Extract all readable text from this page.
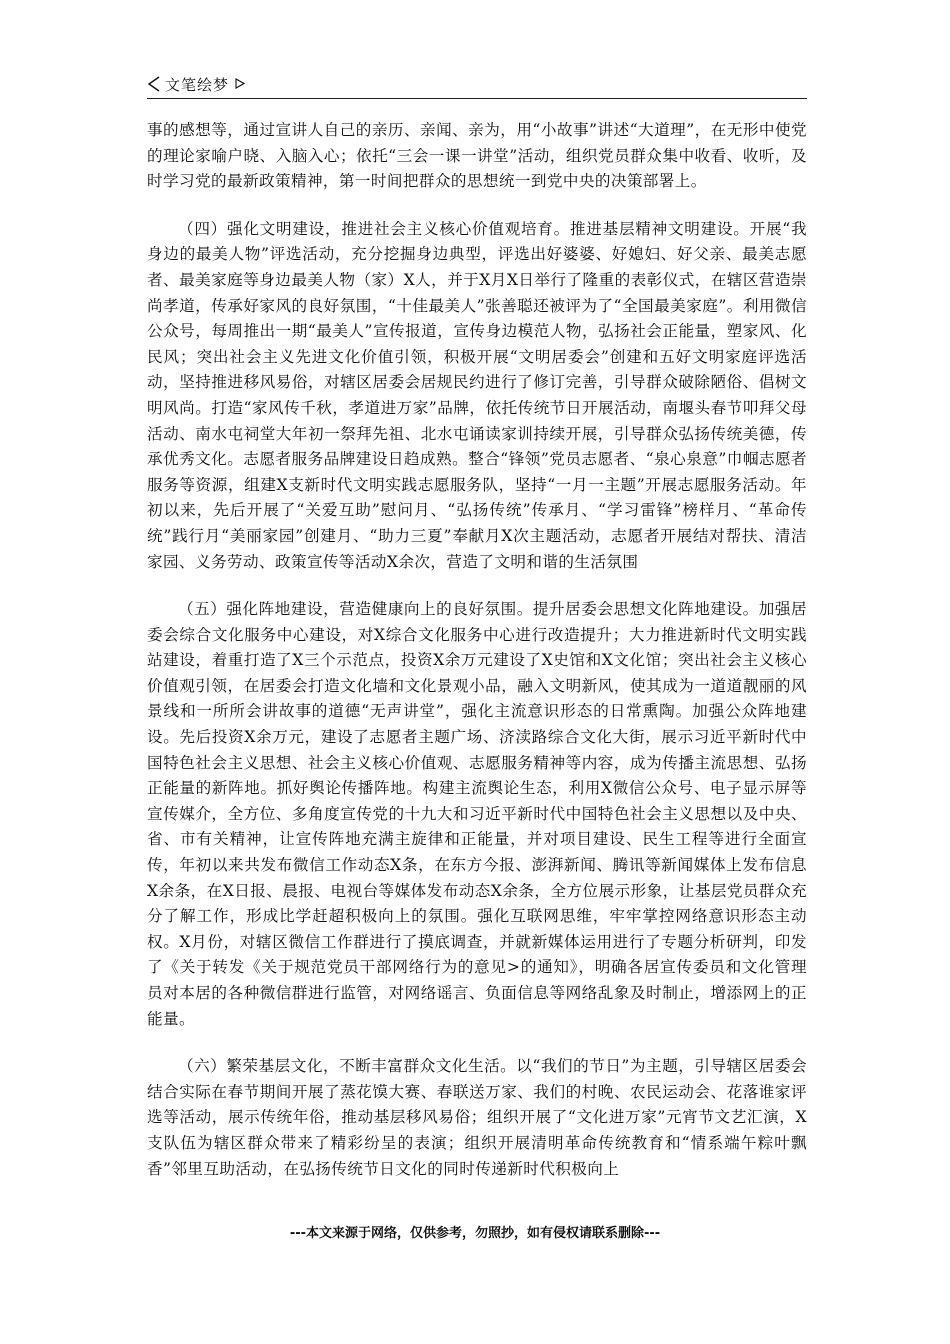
文笔绘梦

事的感想等，通过宣讲人自己的亲历、亲闻、亲为，用“小故事”讲述“大道理”，在无形中使党的理论家喻户晓、入脑入心；依托“三会一课一讲堂”活动，组织党员群众集中收看、收听，及时学习党的最新政策精神，第一时间把群众的思想统一到党中央的决策部署上。

（四）强化文明建设，推进社会主义核心价值观培育。推进基层精神文明建设。开展“我身边的最美人物”评选活动，充分挖掘身边典型，评选出好婆婆、好媳妇、好父亲、最美志愿者、最美家庭等身边最美人物（家）X人，并于X月X日举行了隆重的表彰仪式，在辖区营造崇尚孝道，传承好家风的良好氛围，“十佳最美人”张善聪还被评为了“全国最美家庭”。利用微信公众号，每周推出一期“最美人”宣传报道，宣传身边模范人物，弘扬社会正能量，塑家风、化民风；突出社会主义先进文化价值引领，积极开展“文明居委会”创建和五好文明家庭评选活动，坚持推进移风易俗，对辖区居委会居规民约进行了修订完善，引导群众破除陋俗、倡树文明风尚。打造“家风传千秋，孝道进万家”品牌，依托传统节日开展活动，南堰头春节叩拜父母活动、南水屯祠堂大年初一祭拜先祖、北水屯诵读家训持续开展，引导群众弘扬传统美德，传承优秀文化。志愿者服务品牌建设日趋成熟。整合“锋领”党员志愿者、“泉心泉意”巾帼志愿者服务等资源，组建X支新时代文明实践志愿服务队，坚持“一月一主题”开展志愿服务活动。年初以来，先后开展了“关爱互助”慰问月、“弘扬传统”传承月、“学习雷锋”榜样月、“革命传统”践行月“美丽家园”创建月、“助力三夏”奉献月X次主题活动，志愿者开展结对帮扶、清洁家园、义务劳动、政策宣传等活动X余次，营造了文明和谐的生活氛围

（五）强化阵地建设，营造健康向上的良好氛围。提升居委会思想文化阵地建设。加强居委会综合文化服务中心建设，对X综合文化服务中心进行改造提升；大力推进新时代文明实践站建设，着重打造了X三个示范点，投资X余万元建设了X史馆和X文化馆；突出社会主义核心价值观引领，在居委会打造文化墙和文化景观小品，融入文明新风，使其成为一道道靓丽的风景线和一所所会讲故事的道德“无声讲堂”，强化主流意识形态的日常熏陶。加强公众阵地建设。先后投资X余万元，建设了志愿者主题广场、济渎路综合文化大街，展示习近平新时代中国特色社会主义思想、社会主义核心价值观、志愿服务精神等内容，成为传播主流思想、弘扬正能量的新阵地。抓好舆论传播阵地。构建主流舆论生态，利用X微信公众号、电子显示屏等宣传媒介，全方位、多角度宣传党的十九大和习近平新时代中国特色社会主义思想以及中央、省、市有关精神，让宣传阵地充满主旋律和正能量，并对项目建设、民生工程等进行全面宣传，年初以来共发布微信工作动态X条，在东方今报、澎湃新闻、腾讯等新闻媒体上发布信息X余条，在X日报、晨报、电视台等媒体发布动态X余条，全方位展示形象，让基层党员群众充分了解工作，形成比学赶超积极向上的氛围。强化互联网思维，牢牢掌控网络意识形态主动权。X月份，对辖区微信工作群进行了摸底调查，并就新媒体运用进行了专题分析研判，印发了《关于转发《关于规范党员干部网络行为的意见>的通知》，明确各居宣传委员和文化管理员对本居的各种微信群进行监管，对网络谣言、负面信息等网络乱象及时制止，增添网上的正能量。

（六）繁荣基层文化，不断丰富群众文化生活。以“我们的节日”为主题，引导辖区居委会结合实际在春节期间开展了蒸花馍大赛、春联送万家、我们的村晚、农民运动会、花落谁家评选等活动，展示传统年俗，推动基层移风易俗；组织开展了“文化进万家”元宵节文艺汇演，X支队伍为辖区群众带来了精彩纷呈的表演；组织开展清明革命传统教育和“情系端午粽叶飘香”邻里互助活动，在弘扬传统节日文化的同时传递新时代积极向上

---本文来源于网络，仅供参考，勿照抄，如有侵权请联系删除---
